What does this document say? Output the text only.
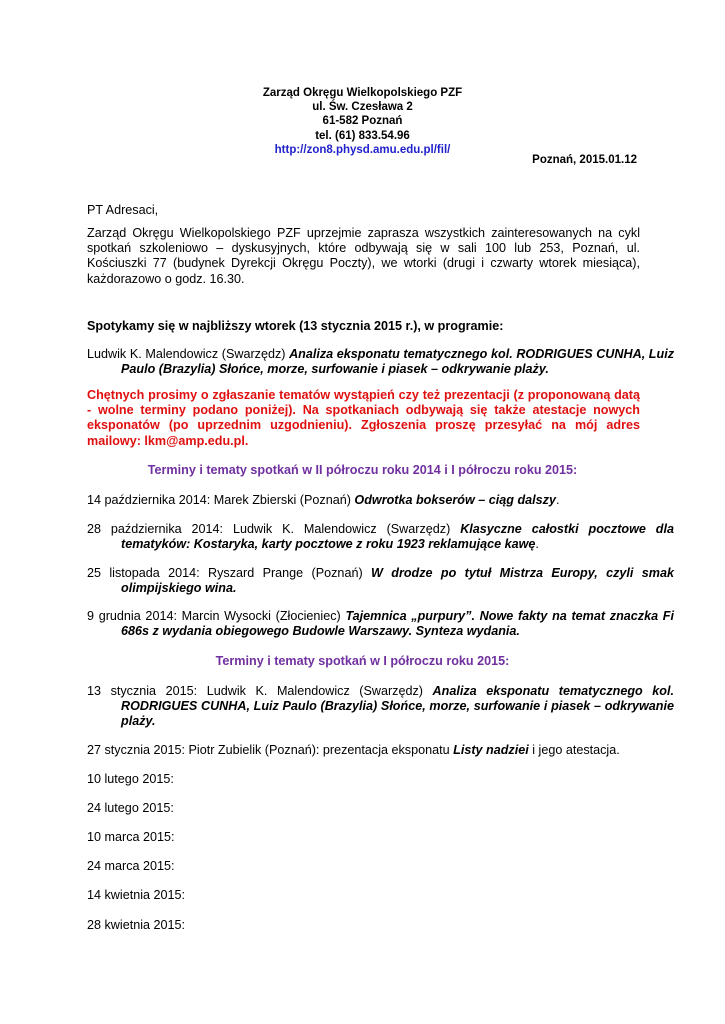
Zarząd Okręgu Wielkopolskiego PZF
ul. Św. Czesława 2
61-582 Poznań
tel. (61) 833.54.96
http://zon8.physd.amu.edu.pl/fil/
Poznań, 2015.01.12
PT Adresaci,
Zarząd Okręgu Wielkopolskiego PZF uprzejmie zaprasza wszystkich zainteresowanych na cykl spotkań szkoleniowo – dyskusyjnych, które odbywają się w sali 100 lub 253, Poznań, ul. Kościuszki 77 (budynek Dyrekcji Okręgu Poczty), we wtorki (drugi i czwarty wtorek miesiąca), każdorazowo o godz. 16.30.
Spotykamy się w najbliższy wtorek (13 stycznia 2015 r.), w programie:
Ludwik K. Malendowicz (Swarzędz) Analiza eksponatu tematycznego kol. RODRIGUES CUNHA, Luiz Paulo (Brazylia) Słońce, morze, surfowanie i piasek – odkrywanie plaży.
Chętnych prosimy o zgłaszanie tematów wystąpień czy też prezentacji (z proponowaną datą - wolne terminy podano poniżej). Na spotkaniach odbywają się także atestacje nowych eksponatów (po uprzednim uzgodnieniu). Zgłoszenia proszę przesyłać na mój adres mailowy: lkm@amp.edu.pl.
Terminy i tematy spotkań w II półroczu roku 2014 i I półroczu roku 2015:
14 października 2014: Marek Zbierski (Poznań) Odwrotka bokserów – ciąg dalszy.
28 października 2014: Ludwik K. Malendowicz (Swarzędz) Klasyczne całostki pocztowe dla tematyków: Kostaryka, karty pocztowe z roku 1923 reklamujące kawę.
25 listopada 2014: Ryszard Prange (Poznań) W drodze po tytuł Mistrza Europy, czyli smak olimpijskiego wina.
9 grudnia 2014: Marcin Wysocki (Złocieniec) Tajemnica „purpury”. Nowe fakty na temat znaczka Fi 686s z wydania obiegowego Budowle Warszawy. Synteza wydania.
Terminy i tematy spotkań w I półroczu roku 2015:
13 stycznia 2015: Ludwik K. Malendowicz (Swarzędz) Analiza eksponatu tematycznego kol. RODRIGUES CUNHA, Luiz Paulo (Brazylia) Słońce, morze, surfowanie i piasek – odkrywanie plaży.
27 stycznia 2015: Piotr Zubielik (Poznań): prezentacja eksponatu Listy nadziei i jego atestacja.
10 lutego 2015:
24 lutego 2015:
10 marca 2015:
24 marca 2015:
14 kwietnia 2015:
28 kwietnia 2015:
